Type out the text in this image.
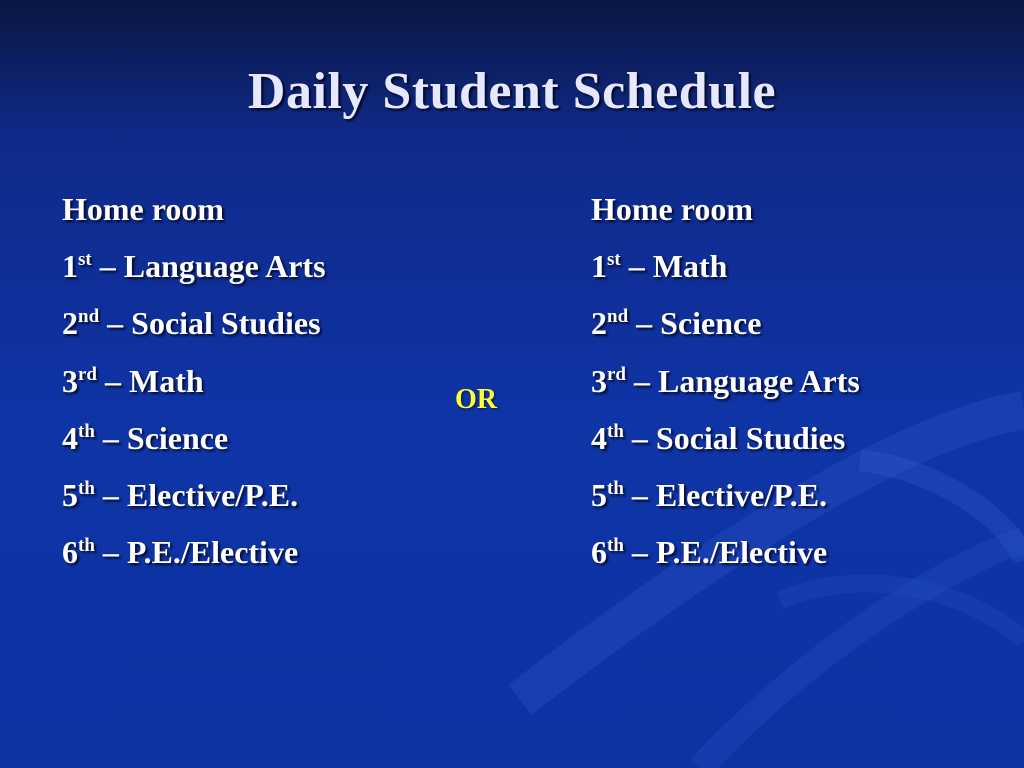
Daily Student Schedule
Home room
1st – Language Arts
2nd – Social Studies
3rd – Math
4th – Science
5th – Elective/P.E.
6th – P.E./Elective
OR
Home room
1st – Math
2nd – Science
3rd – Language Arts
4th – Social Studies
5th – Elective/P.E.
6th – P.E./Elective
